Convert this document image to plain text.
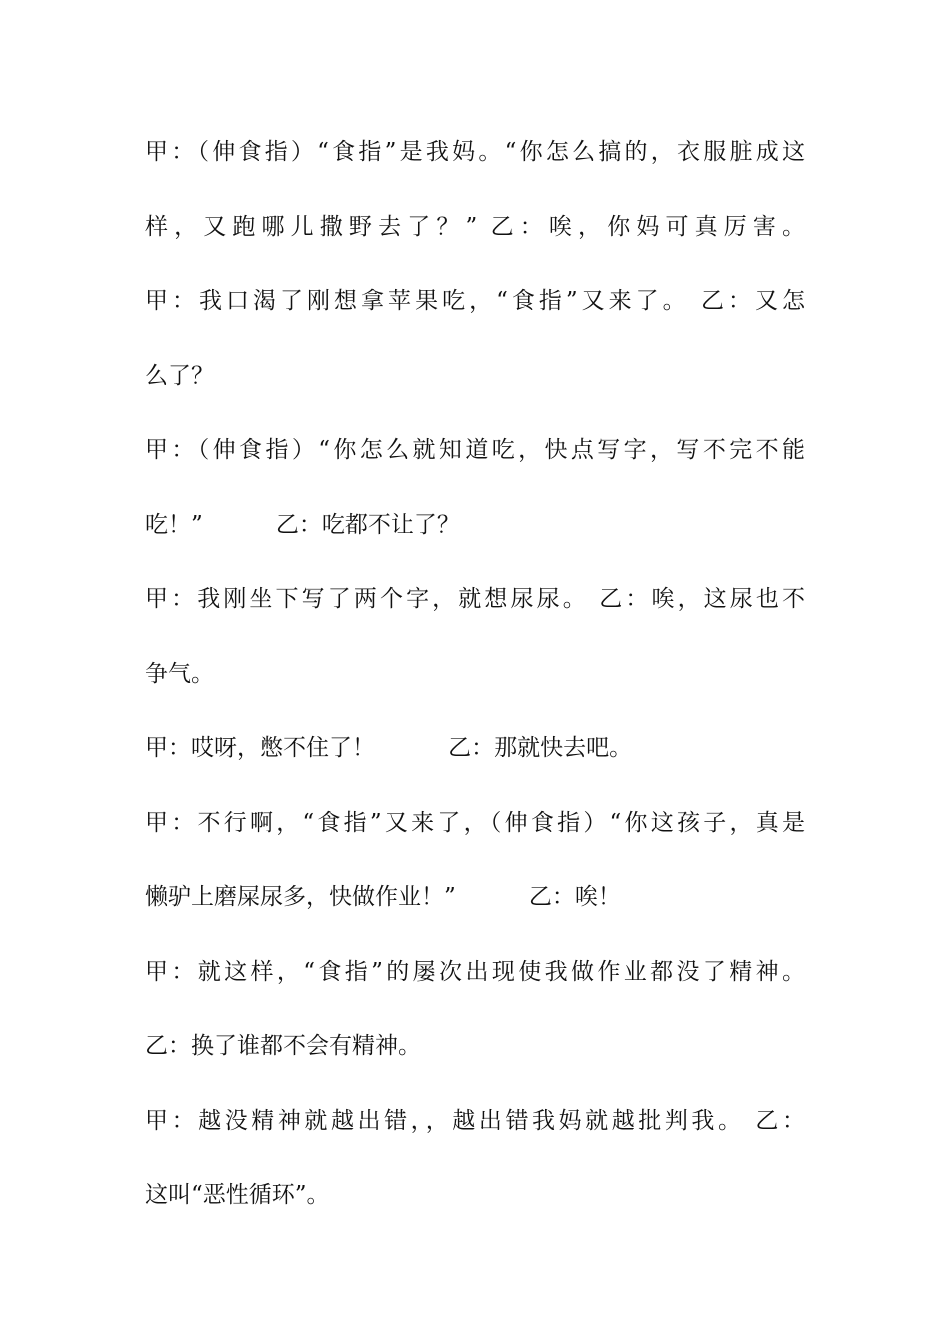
甲：（伸食指）“食指”是我妈。“你怎么搞的，衣服脏成这
样，又跑哪儿撒野去了？” 乙：唉，你妈可真厉害。
甲：我口渴了刚想拿苹果吃，“食指”又来了。 乙：又怎
么了？
甲：（伸食指）“你怎么就知道吃，快点写字，写不完不能
吃！”          乙：吃都不让了？
甲：我刚坐下写了两个字，就想尿尿。 乙：唉，这尿也不
争气。
甲：哎呀，憋不住了！          乙：那就快去吧。
甲：不行啊，“食指”又来了，（伸食指）“你这孩子，真是
懒驴上磨屎尿多，快做作业！”          乙：唉！
甲：就这样，“食指”的屡次出现使我做作业都没了精神。
乙：换了谁都不会有精神。
甲：越没精神就越出错，，越出错我妈就越批判我。 乙：
这叫“恶性循环”。
